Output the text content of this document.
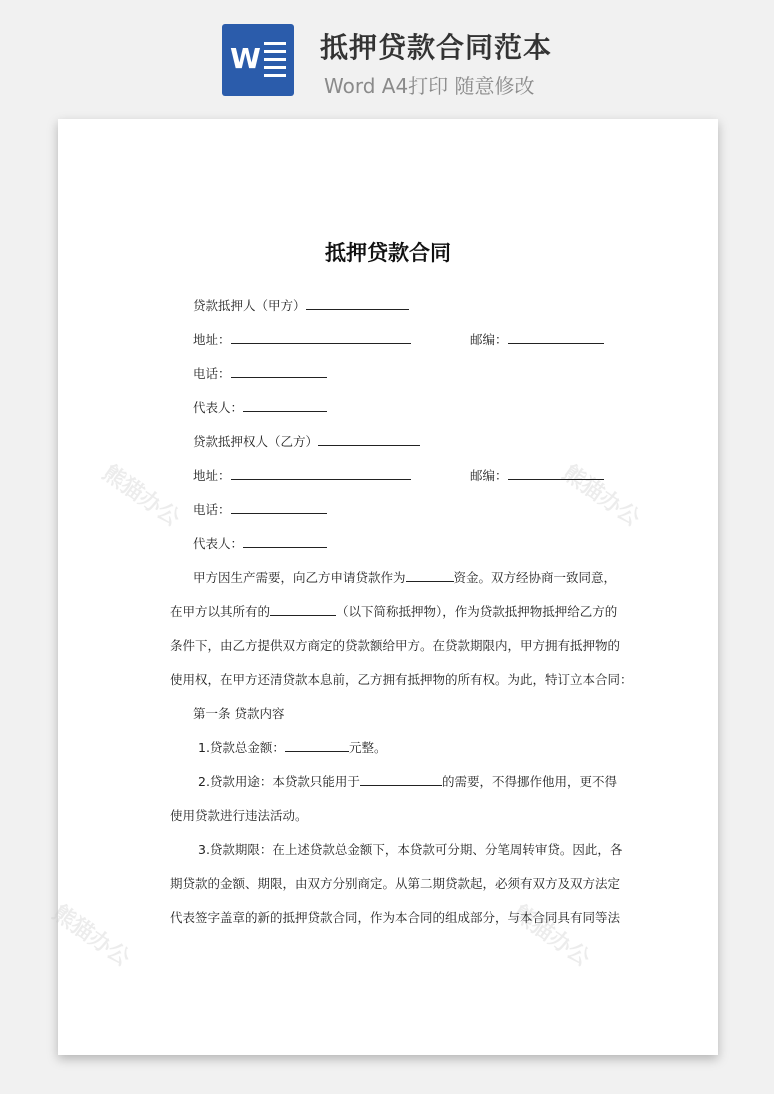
W 抵押贷款合同范本
Word A4打印 随意修改
熊猫办公	熊猫办公
熊猫办公	熊猫办公
抵押贷款合同
贷款抵押人（甲方）
地址：	邮编：
电话：
代表人：
贷款抵押权人（乙方）
地址：	邮编：
电话：
代表人：
甲方因生产需要，向乙方申请贷款作为	资金。双方经协商一致同意，
在甲方以其所有的	（以下简称抵押物），作为贷款抵押物抵押给乙方的
条件下，由乙方提供双方商定的贷款额给甲方。在贷款期限内，甲方拥有抵押物的
使用权，在甲方还清贷款本息前，乙方拥有抵押物的所有权。为此，特订立本合同：
第一条 贷款内容
1.贷款总金额：	元整。
2.贷款用途：本贷款只能用于	的需要，不得挪作他用，更不得
使用贷款进行违法活动。
3.贷款期限：在上述贷款总金额下，本贷款可分期、分笔周转审贷。因此，各
期贷款的金额、期限，由双方分别商定。从第二期贷款起，必须有双方及双方法定
代表签字盖章的新的抵押贷款合同，作为本合同的组成部分，与本合同具有同等法
